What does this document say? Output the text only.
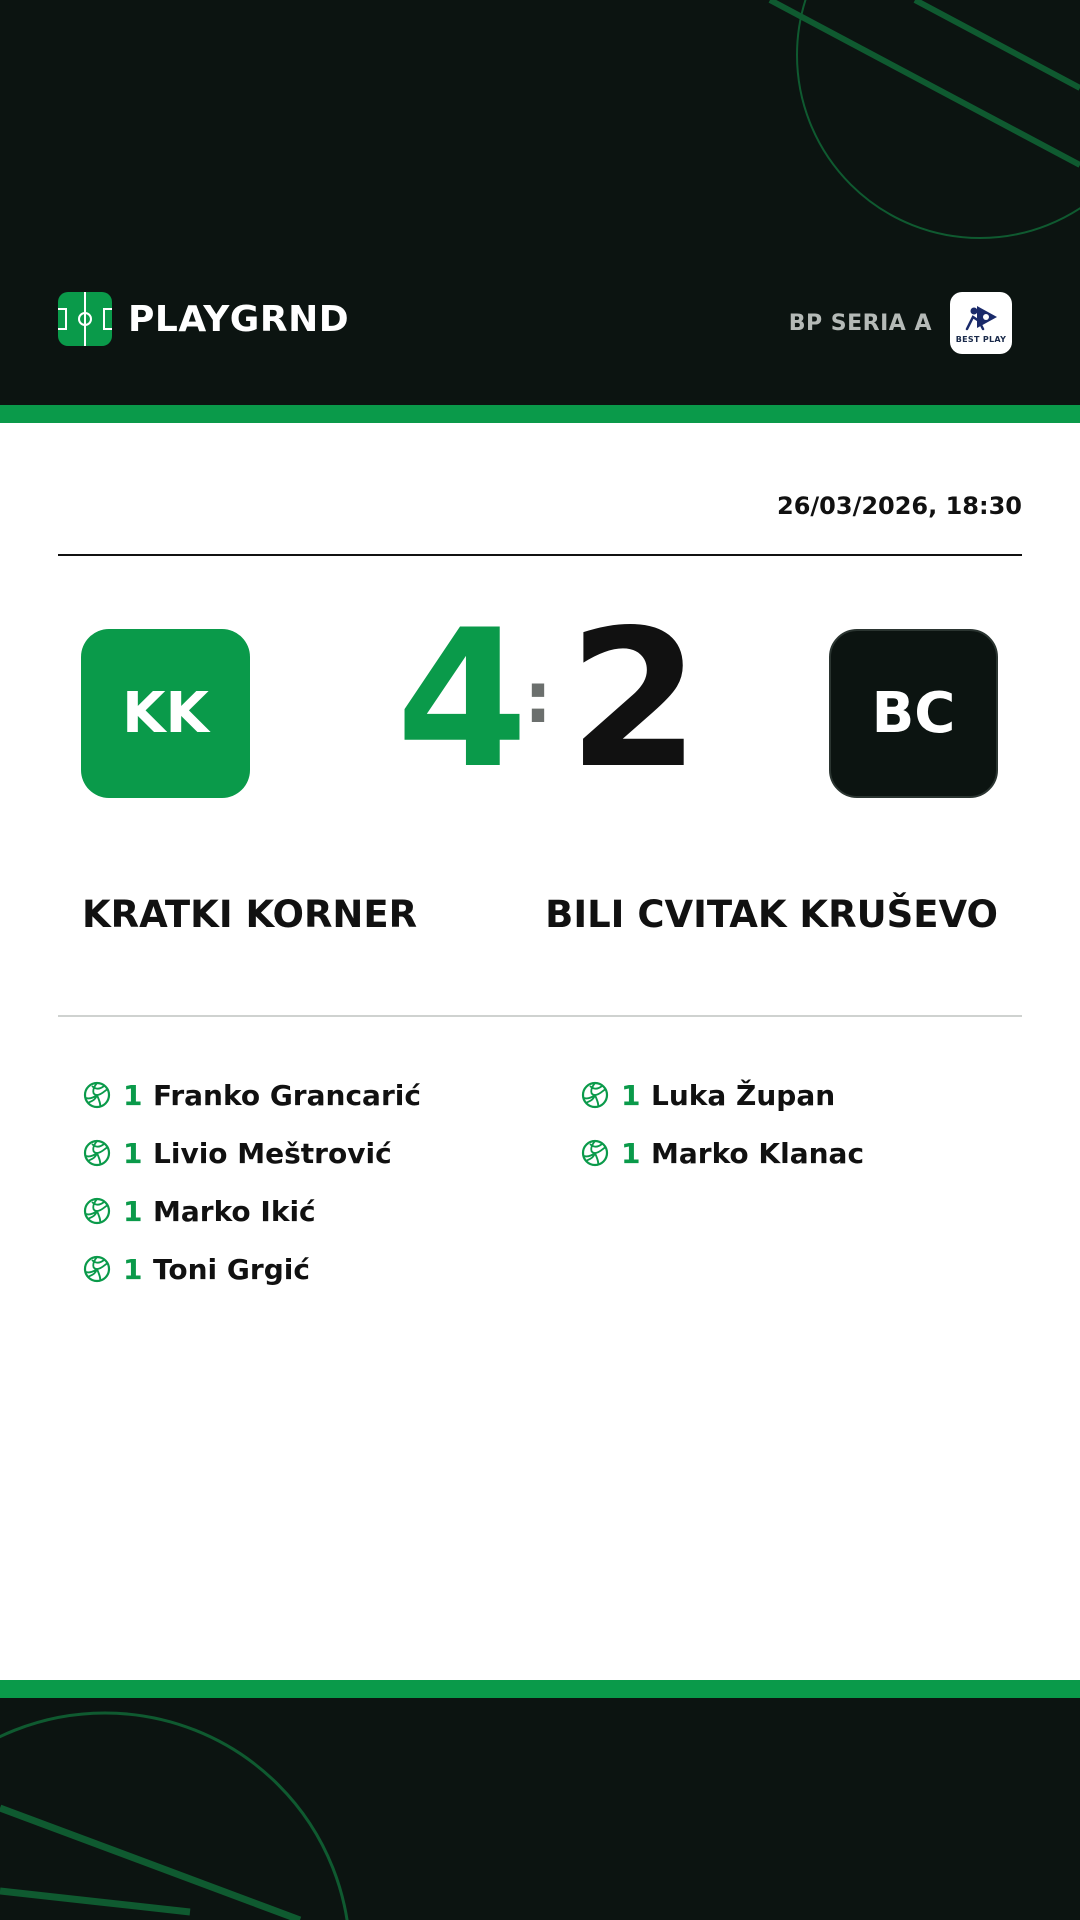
PLAYGRND	BP SERIA A
BEST PLAY
26/03/2026, 18:30
KK 4
: 2	BC
KRATKI KORNER	BILI CVITAK KRUŠEVO
1 Franko Grancarić
1 Livio Meštrović
1 Marko Ikić
1 Toni Grgić
1 Luka Župan
1 Marko Klanac
